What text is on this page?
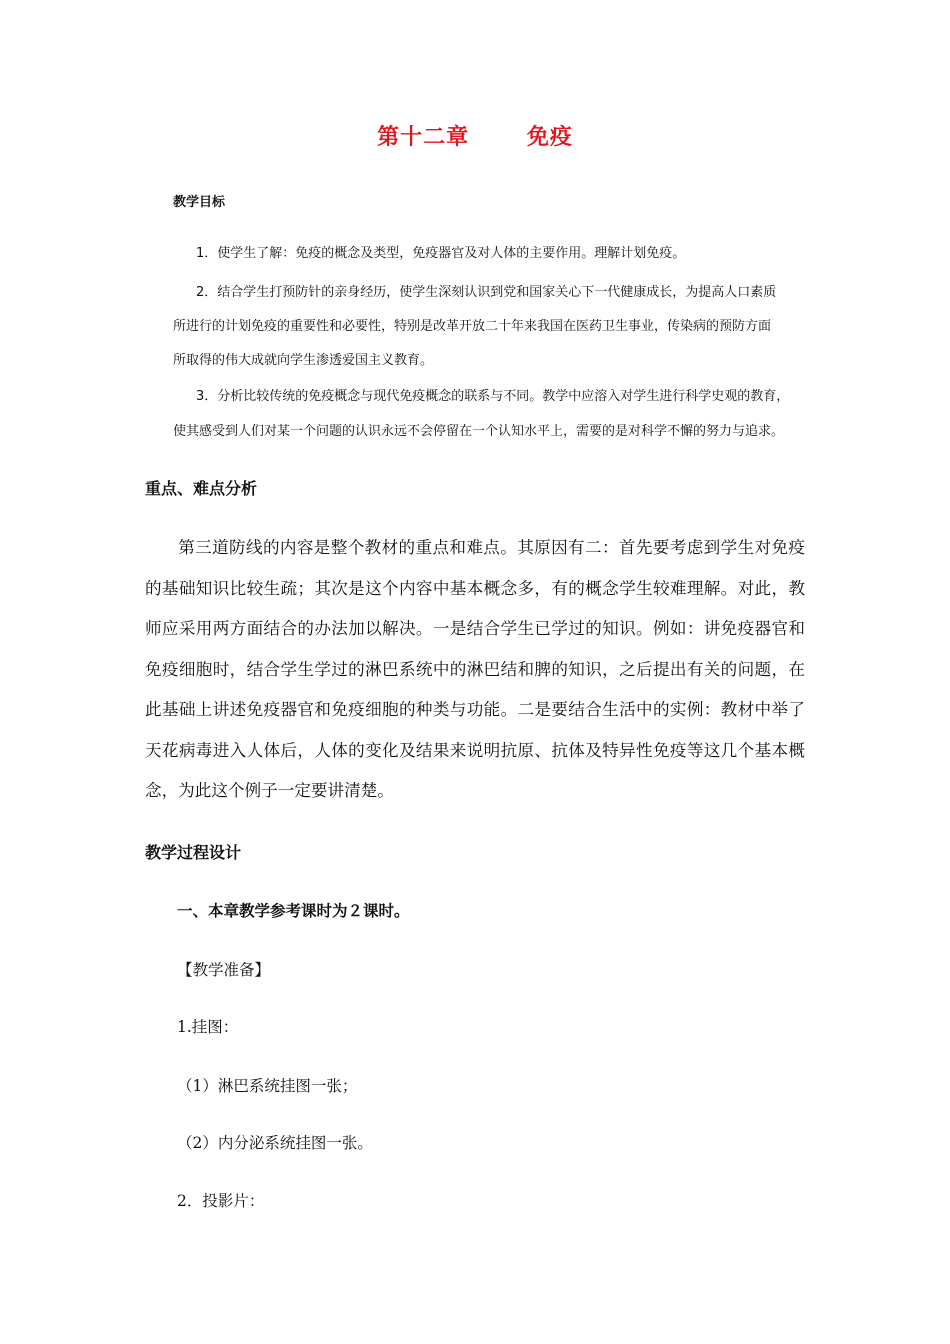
第十二章　 免疫
教学目标
1．使学生了解：免疫的概念及类型，免疫器官及对人体的主要作用。理解计划免疫。
2．结合学生打预防针的亲身经历，使学生深刻认识到党和国家关心下一代健康成长，为提高人口素质
所进行的计划免疫的重要性和必要性，特别是改革开放二十年来我国在医药卫生事业，传染病的预防方面
所取得的伟大成就向学生渗透爱国主义教育。
3．分析比较传统的免疫概念与现代免疫概念的联系与不同。教学中应溶入对学生进行科学史观的教育，
使其感受到人们对某一个问题的认识永远不会停留在一个认知水平上，需要的是对科学不懈的努力与追求。
重点、难点分析
第三道防线的内容是整个教材的重点和难点。其原因有二：首先要考虑到学生对免疫的基础知识比较生疏；其次是这个内容中基本概念多，有的概念学生较难理解。对此，教师应采用两方面结合的办法加以解决。一是结合学生已学过的知识。例如：讲免疫器官和免疫细胞时，结合学生学过的淋巴系统中的淋巴结和脾的知识，之后提出有关的问题，在此基础上讲述免疫器官和免疫细胞的种类与功能。二是要结合生活中的实例：教材中举了天花病毒进入人体后，人体的变化及结果来说明抗原、抗体及特异性免疫等这几个基本概念，为此这个例子一定要讲清楚。
教学过程设计
一、本章教学参考课时为２课时。
【教学准备】
1.挂图：
（1）淋巴系统挂图一张；
（2）内分泌系统挂图一张。
2．投影片：
